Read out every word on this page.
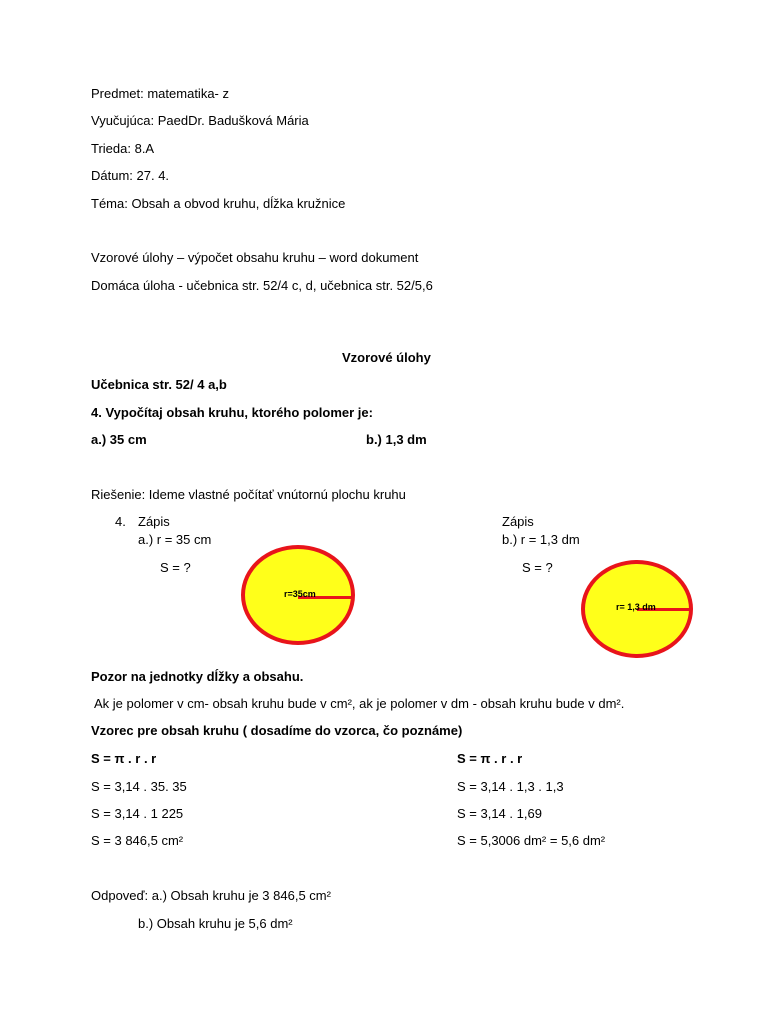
Predmet: matematika- z
Vyučujúca: PaedDr. Badušková Mária
Trieda: 8.A
Dátum: 27. 4.
Téma: Obsah a obvod kruhu, dĺžka kružnice
Vzorové úlohy – výpočet obsahu kruhu – word dokument
Domáca úloha - učebnica str. 52/4 c, d, učebnica str. 52/5,6
Vzorové úlohy
Učebnica str. 52/ 4 a,b
4. Vypočítaj obsah kruhu, ktorého polomer je:
a.) 35 cm	b.) 1,3 dm
Riešenie: Ideme vlastné počítať vnútornú plochu kruhu
4. Zápis
a.) r = 35 cm
S = ?
Zápis
b.) r = 1,3 dm
S = ?
r=35cm
r= 1,3 dm
Pozor na jednotky dĺžky a obsahu.
Ak je polomer v cm- obsah kruhu bude v cm², ak je polomer v dm - obsah kruhu bude v dm².
Vzorec pre obsah kruhu ( dosadíme do vzorca, čo poznáme)
S = π . r . r
S = 3,14 . 35. 35
S = 3,14 . 1 225
S = 3 846,5 cm²
S = π . r . r
S = 3,14 . 1,3 . 1,3
S = 3,14 . 1,69
S = 5,3006 dm² = 5,6 dm²
Odpoveď: a.) Obsah kruhu je 3 846,5 cm²
b.) Obsah kruhu je 5,6 dm²
